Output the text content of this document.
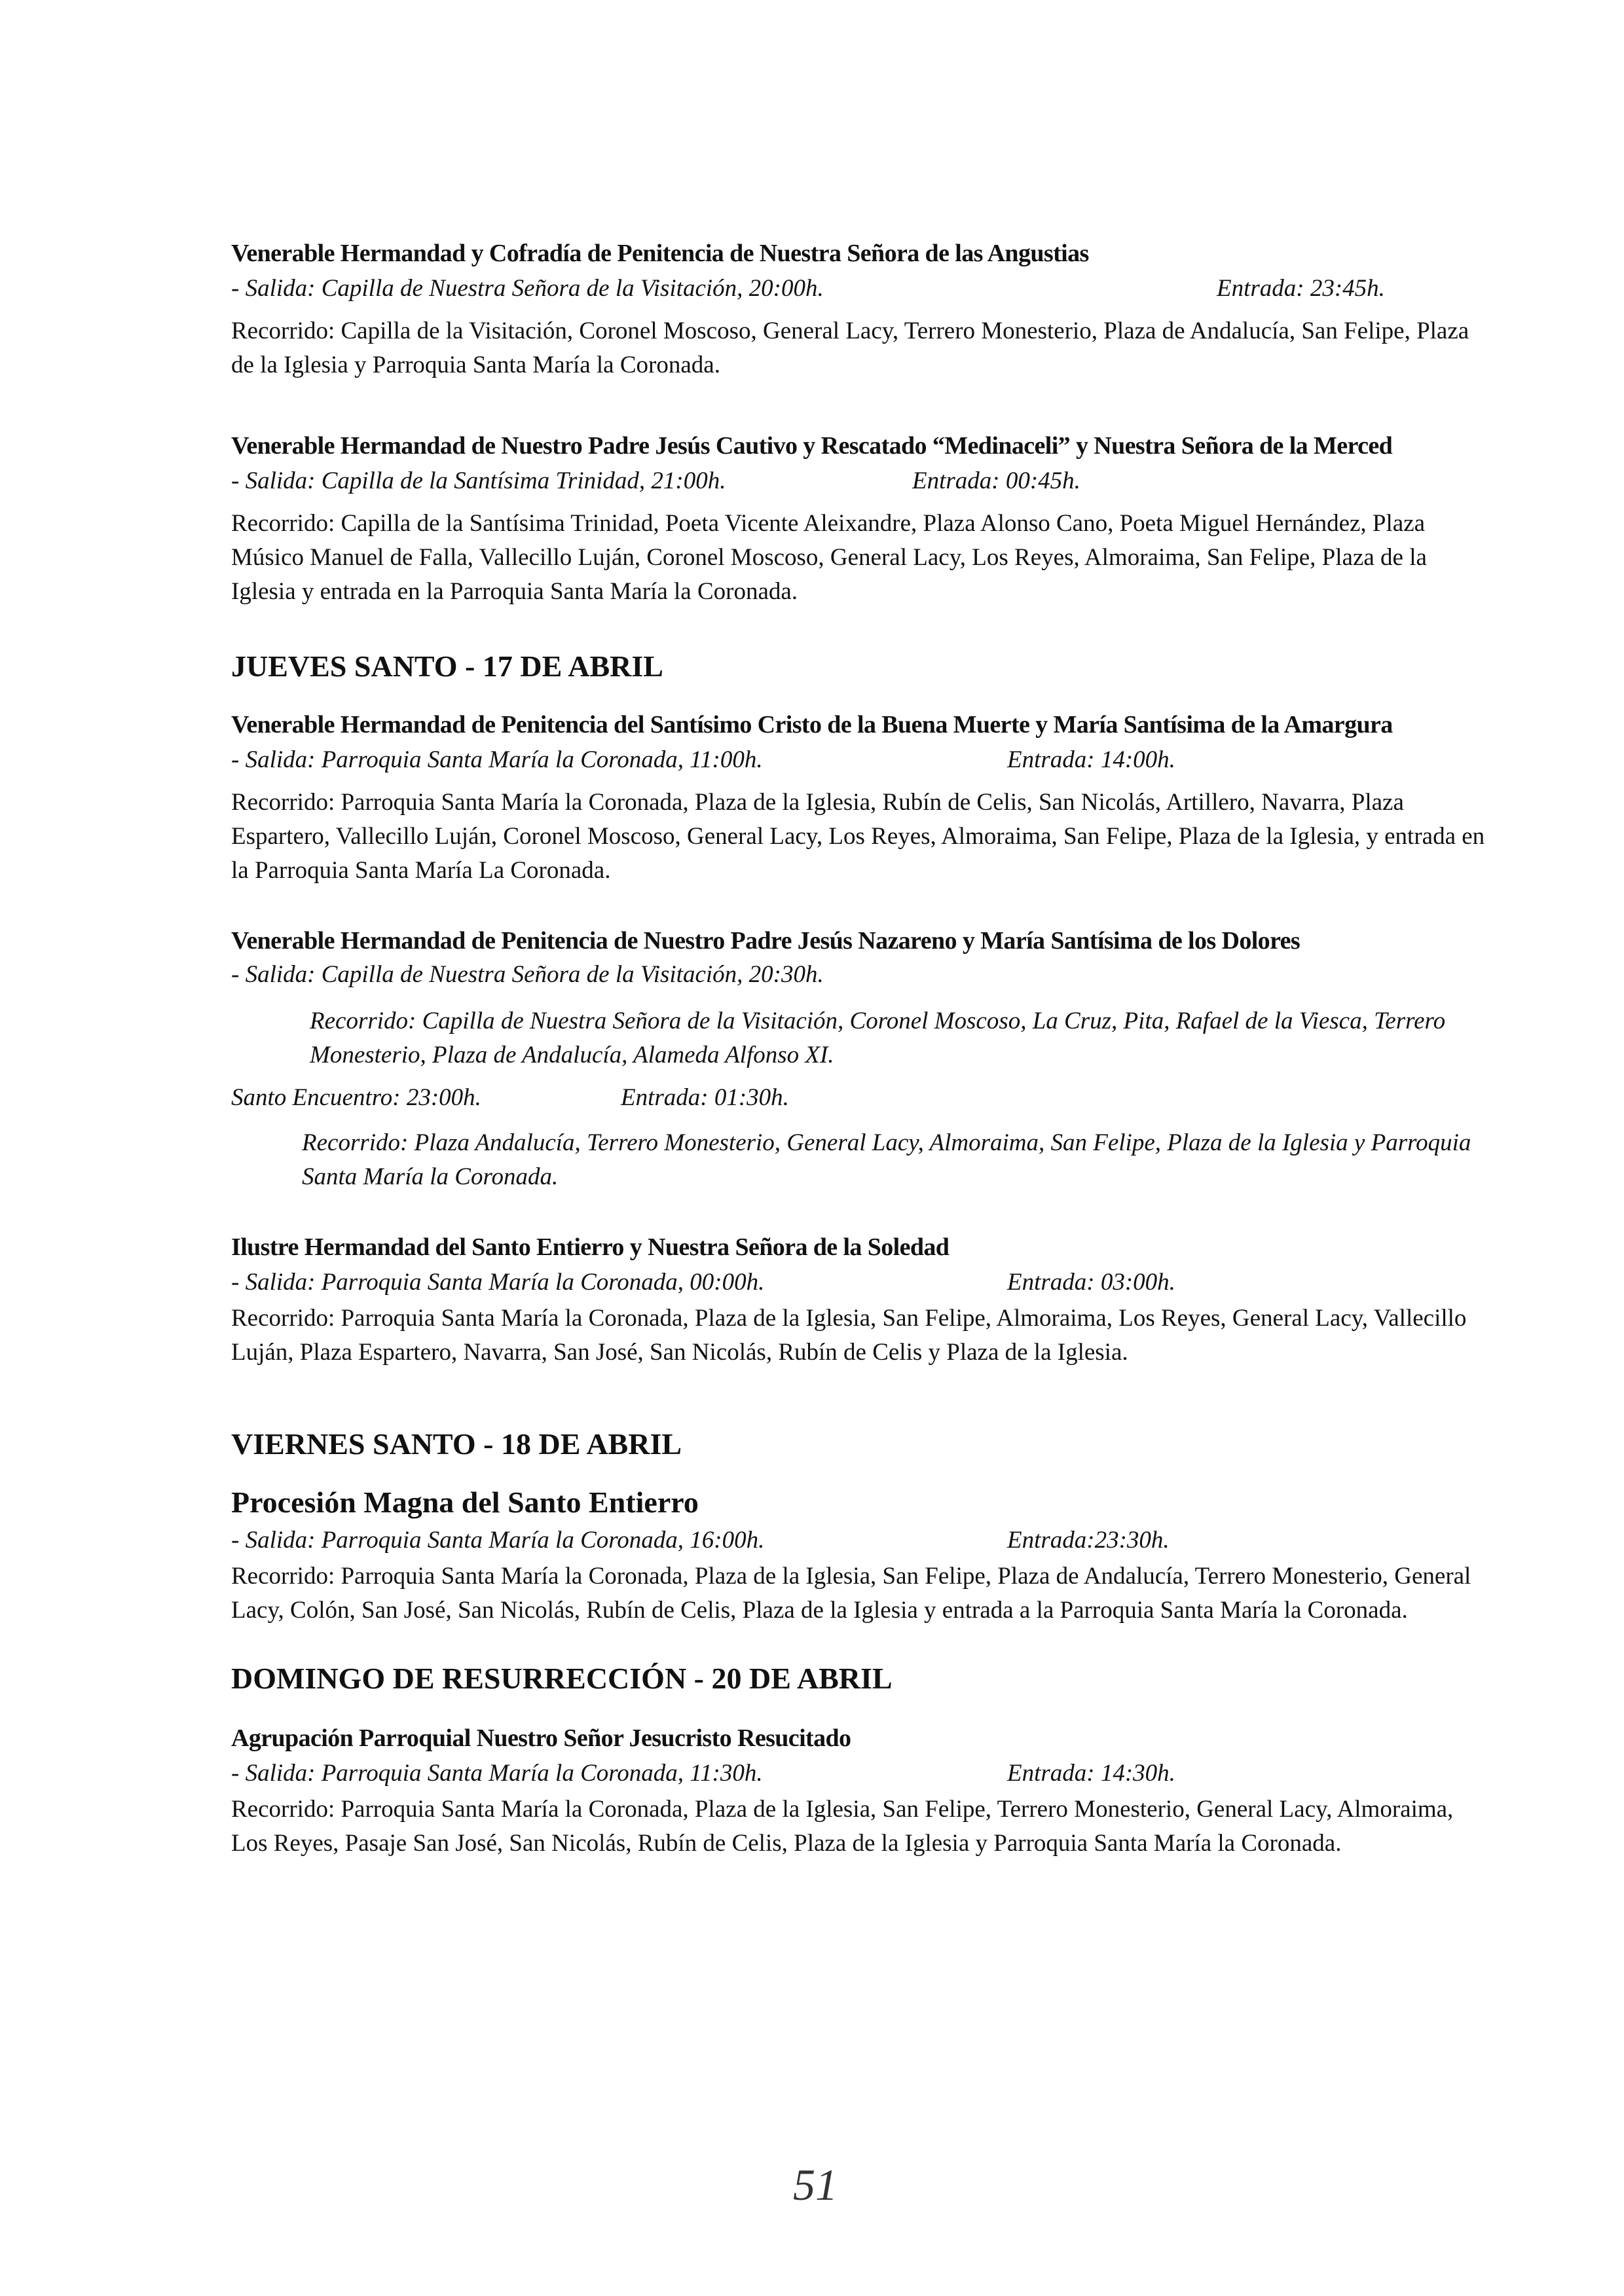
Venerable Hermandad y Cofradía de Penitencia de Nuestra Señora de las Angustias
- Salida: Capilla de Nuestra Señora de la Visitación, 20:00h.	Entrada: 23:45h.
Recorrido: Capilla de la Visitación, Coronel Moscoso, General Lacy, Terrero Monesterio, Plaza de Andalucía, San Felipe, Plaza de la Iglesia y Parroquia Santa María la Coronada.
Venerable Hermandad de Nuestro Padre Jesús Cautivo y Rescatado “Medinaceli” y Nuestra Señora de la Merced
- Salida: Capilla de la Santísima Trinidad, 21:00h.	Entrada: 00:45h.
Recorrido: Capilla de la Santísima Trinidad, Poeta Vicente Aleixandre, Plaza Alonso Cano, Poeta Miguel Hernández, Plaza Músico Manuel de Falla, Vallecillo Luján, Coronel Moscoso, General Lacy, Los Reyes, Almoraima, San Felipe, Plaza de la Iglesia y entrada en la Parroquia Santa María la Coronada.
JUEVES SANTO - 17 DE ABRIL
Venerable Hermandad de Penitencia del Santísimo Cristo de la Buena Muerte y María Santísima de la Amargura
- Salida: Parroquia Santa María la Coronada, 11:00h.	Entrada: 14:00h.
Recorrido: Parroquia Santa María la Coronada, Plaza de la Iglesia, Rubín de Celis, San Nicolás, Artillero, Navarra, Plaza Espartero, Vallecillo Luján, Coronel Moscoso, General Lacy, Los Reyes, Almoraima, San Felipe, Plaza de la Iglesia, y entrada en la Parroquia Santa María La Coronada.
Venerable Hermandad de Penitencia de Nuestro Padre Jesús Nazareno y María Santísima de los Dolores
- Salida: Capilla de Nuestra Señora de la Visitación, 20:30h.
Recorrido: Capilla de Nuestra Señora de la Visitación, Coronel Moscoso, La Cruz, Pita, Rafael de la Viesca, Terrero Monesterio, Plaza de Andalucía, Alameda Alfonso XI.
Santo Encuentro: 23:00h.	Entrada: 01:30h.
Recorrido: Plaza Andalucía, Terrero Monesterio, General Lacy, Almoraima, San Felipe, Plaza de la Iglesia y Parroquia Santa María la Coronada.
Ilustre Hermandad del Santo Entierro y Nuestra Señora de la Soledad
- Salida: Parroquia Santa María la Coronada, 00:00h.	Entrada: 03:00h.
Recorrido: Parroquia Santa María la Coronada, Plaza de la Iglesia, San Felipe, Almoraima, Los Reyes, General Lacy, Vallecillo Luján, Plaza Espartero, Navarra, San José, San Nicolás, Rubín de Celis y Plaza de la Iglesia.
VIERNES SANTO - 18 DE ABRIL
Procesión Magna del Santo Entierro
- Salida: Parroquia Santa María la Coronada, 16:00h.	Entrada:23:30h.
Recorrido: Parroquia Santa María la Coronada, Plaza de la Iglesia, San Felipe, Plaza de Andalucía, Terrero Monesterio, General Lacy, Colón, San José, San Nicolás, Rubín de Celis, Plaza de la Iglesia y entrada a la Parroquia Santa María la Coronada.
DOMINGO DE RESURRECCIÓN - 20 DE ABRIL
Agrupación Parroquial Nuestro Señor Jesucristo Resucitado
- Salida: Parroquia Santa María la Coronada, 11:30h.	Entrada: 14:30h.
Recorrido: Parroquia Santa María la Coronada, Plaza de la Iglesia, San Felipe, Terrero Monesterio, General Lacy, Almoraima, Los Reyes, Pasaje San José, San Nicolás, Rubín de Celis, Plaza de la Iglesia y Parroquia Santa María la Coronada.
51
